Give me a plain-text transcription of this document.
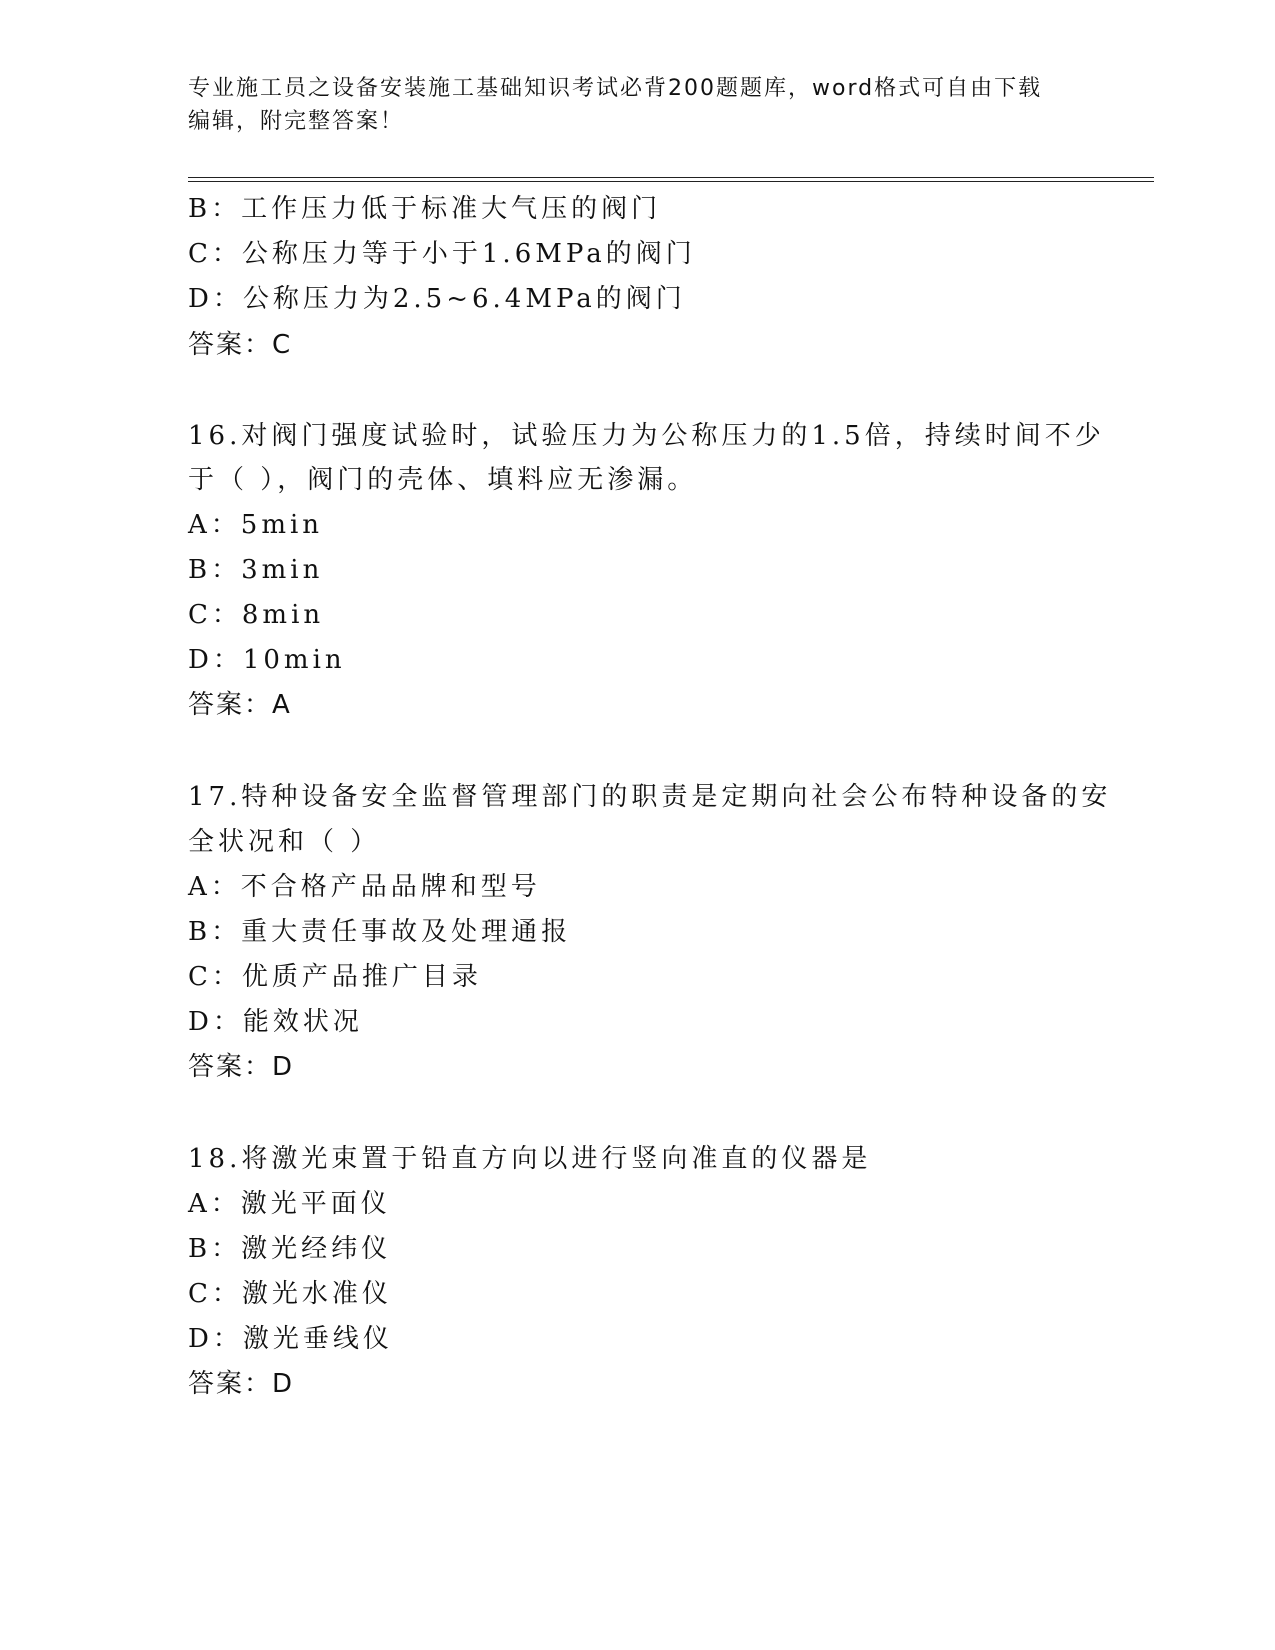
专业施工员之设备安装施工基础知识考试必背200题题库，word格式可自由下载
编辑，附完整答案！
B：工作压力低于标准大气压的阀门
C：公称压力等于小于1.6MPa的阀门
D：公称压力为2.5~6.4MPa的阀门
答案：C
16.对阀门强度试验时，试验压力为公称压力的1.5倍，持续时间不少
于（ ），阀门的壳体、填料应无渗漏。
A：5min
B：3min
C：8min
D：10min
答案：A
17.特种设备安全监督管理部门的职责是定期向社会公布特种设备的安
全状况和（ ）
A：不合格产品品牌和型号
B：重大责任事故及处理通报
C：优质产品推广目录
D：能效状况
答案：D
18.将激光束置于铅直方向以进行竖向准直的仪器是
A：激光平面仪
B：激光经纬仪
C：激光水准仪
D：激光垂线仪
答案：D
